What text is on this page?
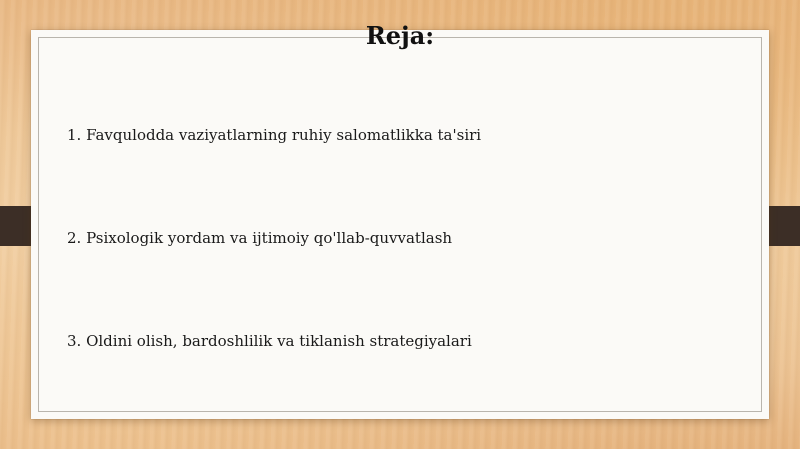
Reja:
1. Favqulodda vaziyatlarning ruhiy salomatlikka ta'siri
2. Psixologik yordam va ijtimoiy qo'llab-quvvatlash
3. Oldini olish, bardoshlilik va tiklanish strategiyalari
